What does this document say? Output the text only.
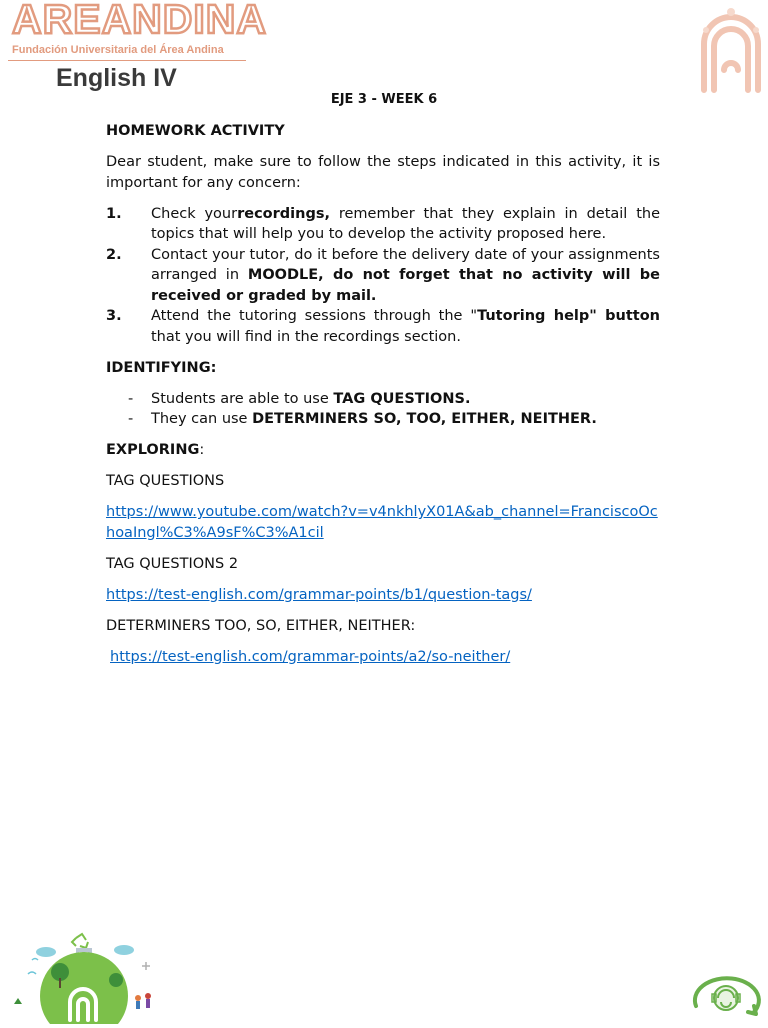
AREANDINA
Fundación Universitaria del Área Andina
English IV
EJE 3 - WEEK 6
HOMEWORK ACTIVITY
Dear student, make sure to follow the steps indicated in this activity, it is important for any concern:
1.	Check yourrecordings, remember that they explain in detail the topics that will help you to develop the activity proposed here.
2.	Contact your tutor, do it before the delivery date of your assignments arranged in MOODLE, do not forget that no activity will be received or graded by mail.
3.	Attend the tutoring sessions through the "Tutoring help" button that you will find in the recordings section.
IDENTIFYING:
-	Students are able to use TAG QUESTIONS.
-	They can use DETERMINERS SO, TOO, EITHER, NEITHER.
EXPLORING:
TAG QUESTIONS
https://www.youtube.com/watch?v=v4nkhlyX01A&ab_channel=FranciscoOchoaIngl%C3%A9sF%C3%A1cil
TAG QUESTIONS 2
https://test-english.com/grammar-points/b1/question-tags/
DETERMINERS TOO, SO, EITHER, NEITHER:
https://test-english.com/grammar-points/a2/so-neither/
